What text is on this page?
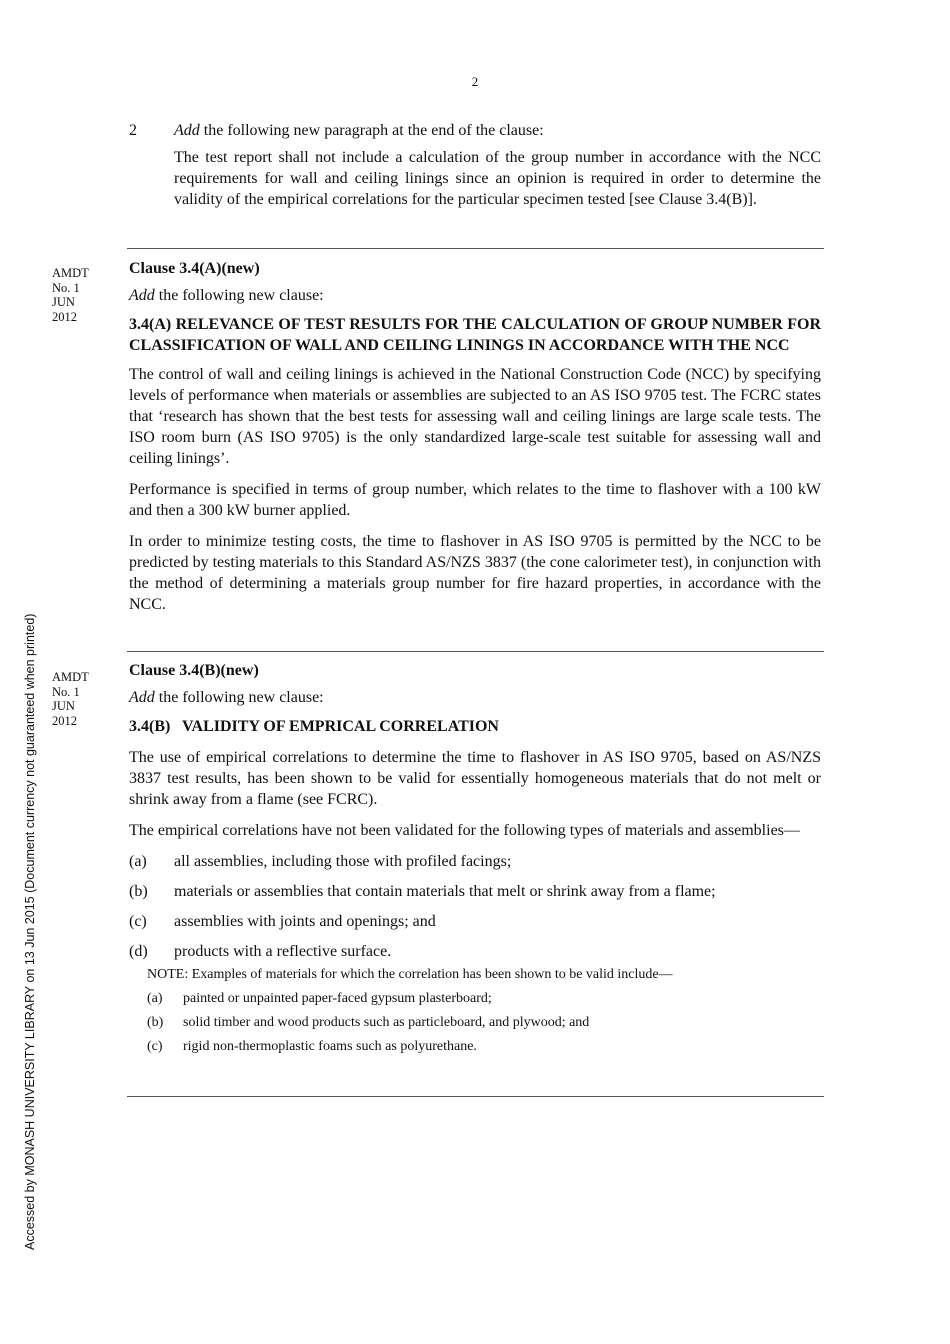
2
Accessed by MONASH UNIVERSITY LIBRARY on 13 Jun 2015 (Document currency not guaranteed when printed)
2	Add the following new paragraph at the end of the clause:

The test report shall not include a calculation of the group number in accordance with the NCC requirements for wall and ceiling linings since an opinion is required in order to determine the validity of the empirical correlations for the particular specimen tested [see Clause 3.4(B)].

AMDT
No. 1
JUN
2012

Clause 3.4(A)(new)

Add the following new clause:

3.4(A) RELEVANCE OF TEST RESULTS FOR THE CALCULATION OF GROUP NUMBER FOR CLASSIFICATION OF WALL AND CEILING LININGS IN ACCORDANCE WITH THE NCC

The control of wall and ceiling linings is achieved in the National Construction Code (NCC) by specifying levels of performance when materials or assemblies are subjected to an AS ISO 9705 test. The FCRC states that ‘research has shown that the best tests for assessing wall and ceiling linings are large scale tests. The ISO room burn (AS ISO 9705) is the only standardized large-scale test suitable for assessing wall and ceiling linings’.

Performance is specified in terms of group number, which relates to the time to flashover with a 100 kW and then a 300 kW burner applied.

In order to minimize testing costs, the time to flashover in AS ISO 9705 is permitted by the NCC to be predicted by testing materials to this Standard AS/NZS 3837 (the cone calorimeter test), in conjunction with the method of determining a materials group number for fire hazard properties, in accordance with the NCC.

AMDT
No. 1
JUN
2012

Clause 3.4(B)(new)

Add the following new clause:

3.4(B)   VALIDITY OF EMPRICAL CORRELATION

The use of empirical correlations to determine the time to flashover in AS ISO 9705, based on AS/NZS 3837 test results, has been shown to be valid for essentially homogeneous materials that do not melt or shrink away from a flame (see FCRC).

The empirical correlations have not been validated for the following types of materials and assemblies—

(a)	all assemblies, including those with profiled facings;
(b)	materials or assemblies that contain materials that melt or shrink away from a flame;
(c)	assemblies with joints and openings; and
(d)	products with a reflective surface.

NOTE: Examples of materials for which the correlation has been shown to be valid include—

(a)	painted or unpainted paper-faced gypsum plasterboard;
(b)	solid timber and wood products such as particleboard, and plywood; and
(c)	rigid non-thermoplastic foams such as polyurethane.
